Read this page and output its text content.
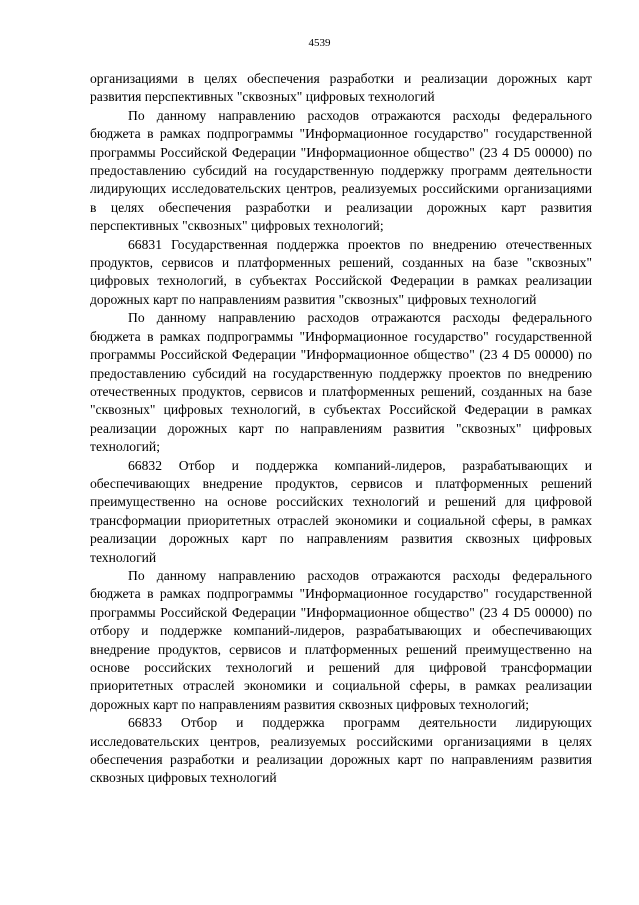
4539

организациями в целях обеспечения разработки и реализации дорожных карт развития перспективных "сквозных" цифровых технологий

По данному направлению расходов отражаются расходы федерального бюджета в рамках подпрограммы "Информационное государство" государственной программы Российской Федерации "Информационное общество" (23 4 D5 00000) по предоставлению субсидий на государственную поддержку программ деятельности лидирующих исследовательских центров, реализуемых российскими организациями в целях обеспечения разработки и реализации дорожных карт развития перспективных "сквозных" цифровых технологий;

66831 Государственная поддержка проектов по внедрению отечественных продуктов, сервисов и платформенных решений, созданных на базе "сквозных" цифровых технологий, в субъектах Российской Федерации в рамках реализации дорожных карт по направлениям развития "сквозных" цифровых технологий

По данному направлению расходов отражаются расходы федерального бюджета в рамках подпрограммы "Информационное государство" государственной программы Российской Федерации "Информационное общество" (23 4 D5 00000) по предоставлению субсидий на государственную поддержку проектов по внедрению отечественных продуктов, сервисов и платформенных решений, созданных на базе "сквозных" цифровых технологий, в субъектах Российской Федерации в рамках реализации дорожных карт по направлениям развития "сквозных" цифровых технологий;

66832 Отбор и поддержка компаний-лидеров, разрабатывающих и обеспечивающих внедрение продуктов, сервисов и платформенных решений преимущественно на основе российских технологий и решений для цифровой трансформации приоритетных отраслей экономики и социальной сферы, в рамках реализации дорожных карт по направлениям развития сквозных цифровых технологий

По данному направлению расходов отражаются расходы федерального бюджета в рамках подпрограммы "Информационное государство" государственной программы Российской Федерации "Информационное общество" (23 4 D5 00000) по отбору и поддержке компаний-лидеров, разрабатывающих и обеспечивающих внедрение продуктов, сервисов и платформенных решений преимущественно на основе российских технологий и решений для цифровой трансформации приоритетных отраслей экономики и социальной сферы, в рамках реализации дорожных карт по направлениям развития сквозных цифровых технологий;

66833 Отбор и поддержка программ деятельности лидирующих исследовательских центров, реализуемых российскими организациями в целях обеспечения разработки и реализации дорожных карт по направлениям развития сквозных цифровых технологий
